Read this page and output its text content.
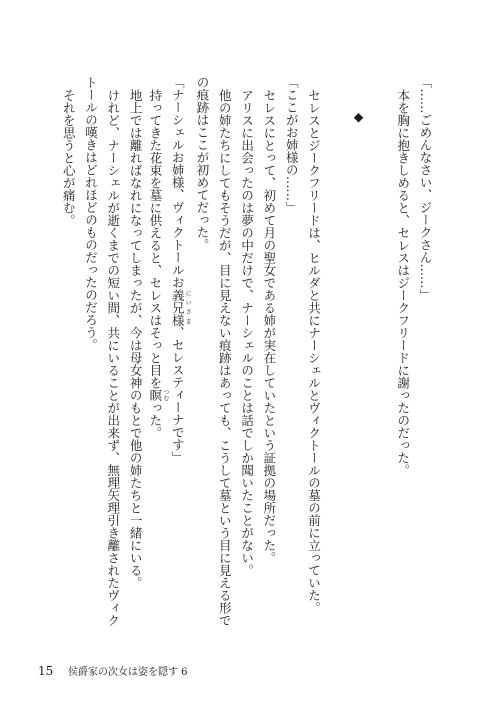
「……ごめんなさい、ジークさん……」
本を胸に抱きしめると、セレスはジークフリードに謝ったのだった。
◆
セレスとジークフリードは、ヒルダと共にナーシェルとヴィクトールの墓の前に立っていた。
「ここがお姉様の……」
セレスにとって、初めて月の聖女である姉が実在していたという証拠の場所だった。
アリスに出会ったのは夢の中だけで、ナーシェルのことは話でしか聞いたことがない。
他の姉たちにしてもそうだが、目に見えない痕跡はあっても、こうして墓という目に見える形で
の痕跡はここが初めてだった。
「ナーシェルお姉様、ヴィクトールお義兄様 にいさま、セレスティーナです」
持ってきた花束を墓に供えると、セレスはそっと目を瞑 つむった。
地上では離ればなれになってしまったが、今は母女神のもとで他の姉たちと一緒にいる。
けれど、ナーシェルが逝くまでの短い間、共にいることが出来ず、無理矢理引き離されたヴィク
トールの嘆きはどれほどのものだったのだろう。
それを思うと心が痛む。
15 侯爵家の次女は姿を隠す 6
